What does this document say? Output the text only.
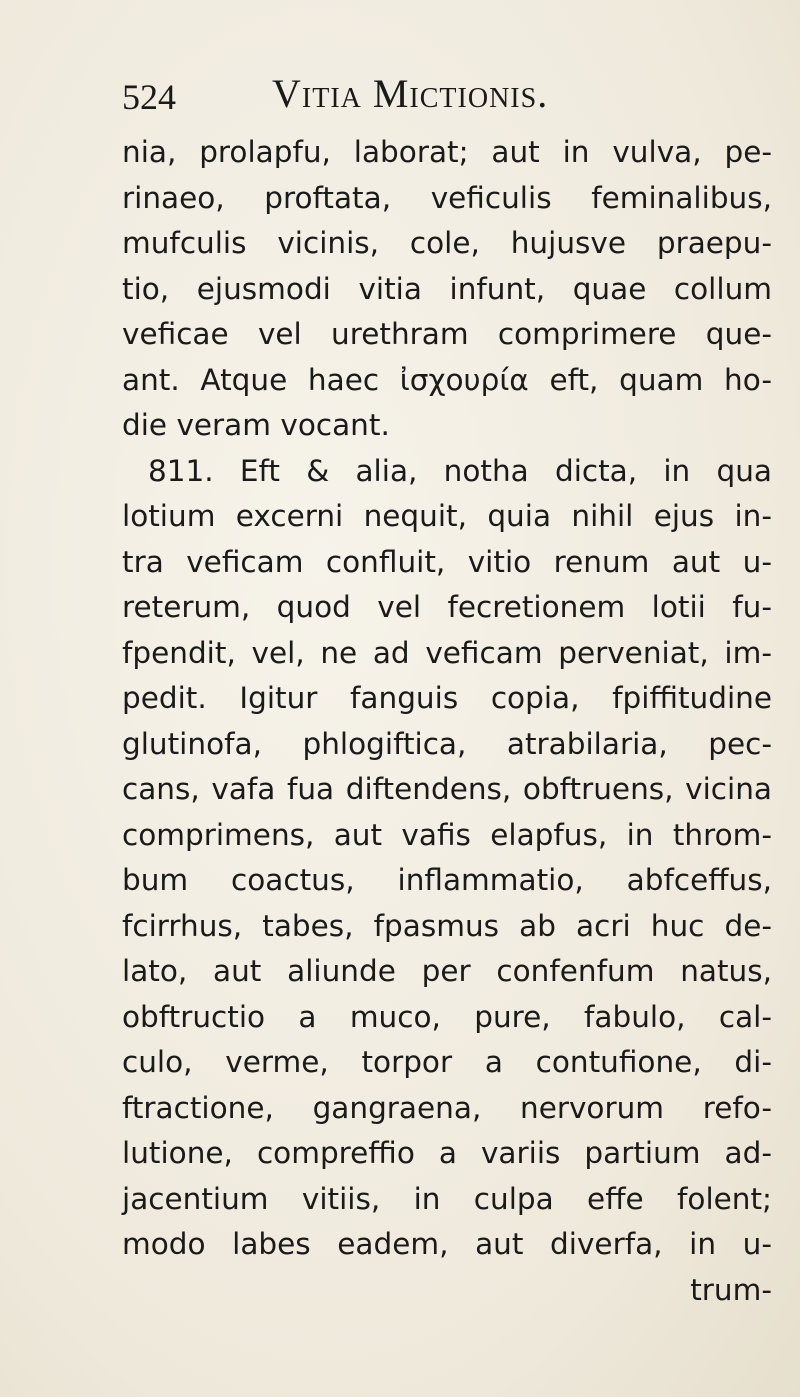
524 Vitia Mictionis.
nia, prolapfu, laborat; aut in vulva, pe-
rinaeo, proftata, veficulis feminalibus,
mufculis vicinis, cole, hujusve praepu-
tio, ejusmodi vitia infunt, quae collum
veficae vel urethram comprimere que-
ant. Atque haec ἰσχουρία eft, quam ho-
die veram vocant.
811. Eft & alia, notha dicta, in qua
lotium excerni nequit, quia nihil ejus in-
tra veficam confluit, vitio renum aut u-
reterum, quod vel fecretionem lotii fu-
fpendit, vel, ne ad veficam perveniat, im-
pedit. Igitur fanguis copia, fpiffitudine
glutinofa, phlogiftica, atrabilaria, pec-
cans, vafa fua diftendens, obftruens, vicina
comprimens, aut vafis elapfus, in throm-
bum coactus, inflammatio, abfceffus,
fcirrhus, tabes, fpasmus ab acri huc de-
lato, aut aliunde per confenfum natus,
obftructio a muco, pure, fabulo, cal-
culo, verme, torpor a contufione, di-
ftractione, gangraena, nervorum refo-
lutione, compreffio a variis partium ad-
jacentium vitiis, in culpa effe folent;
modo labes eadem, aut diverfa, in u-
trum-
